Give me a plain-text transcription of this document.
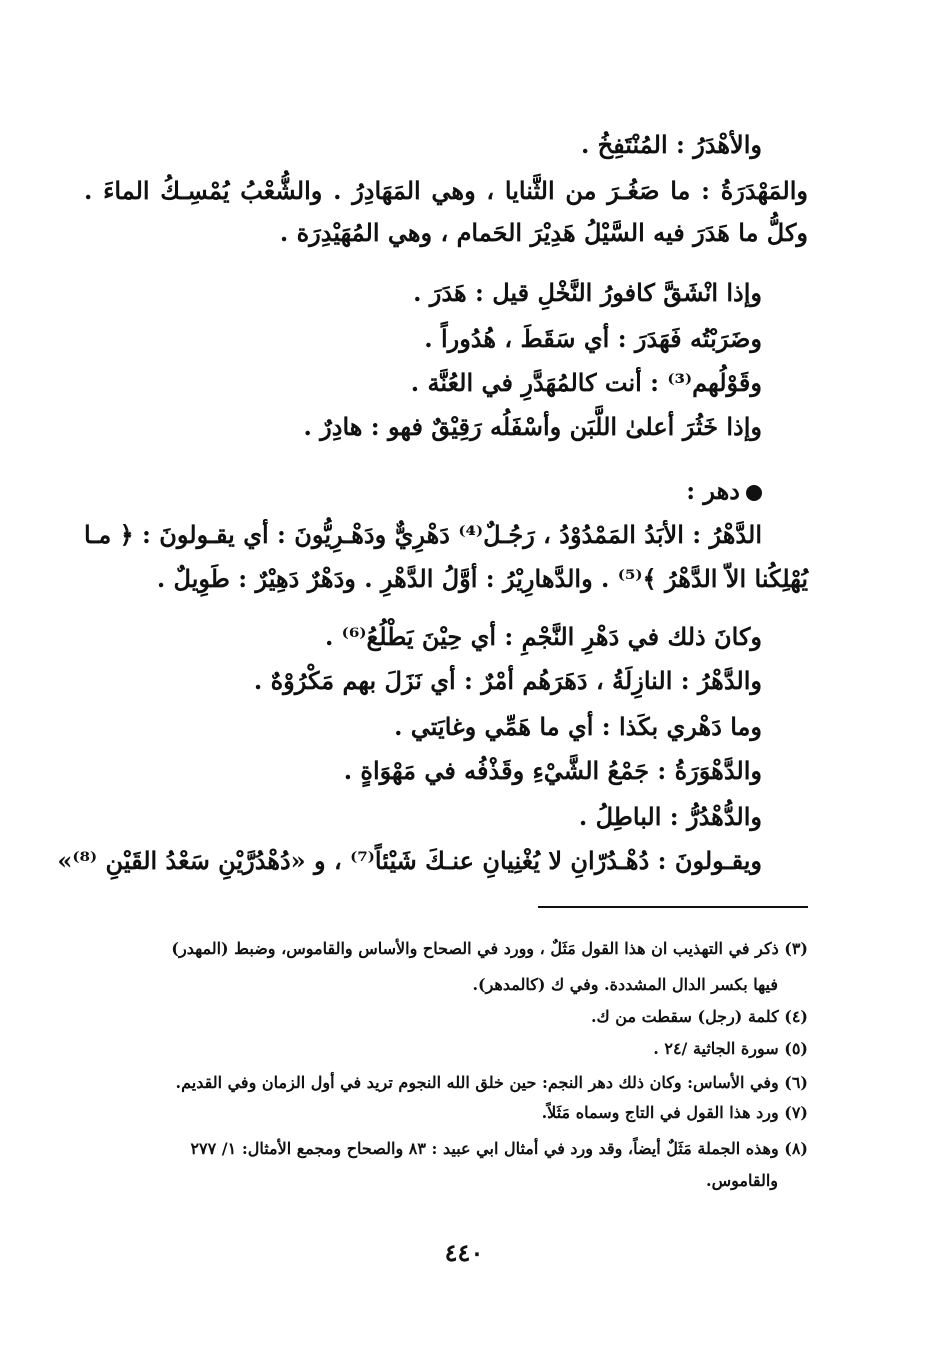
والأهْدَرُ : المُنْتَفِخُ .
والمَهْدَرَةُ : ما صَغُـرَ من الثَّنايا ، وهي المَهَادِرُ . والشُّعْبُ يُمْسِـكُ الماءَ .
وكلُّ ما هَدَرَ فيه السَّيْلُ هَدِيْرَ الحَمام ، وهي المُهَيْدِرَة .
وإذا انْشَقَّ كافورُ النَّخْلِ قيل : هَدَرَ .
وضَرَبْتُه فَهَدَرَ : أي سَقَطَ ، هُدُوراً .
وقَوْلُهم⁽³⁾ : أنت كالمُهَدَّرِ في العُنَّة .
وإذا خَثُرَ أعلىٰ اللَّبَن وأسْفَلُه رَقِيْقٌ فهو : هادِرٌ .
دهر :
الدَّهْرُ : الأبَدُ المَمْدُوْدُ ، رَجُـلٌ⁽⁴⁾ دَهْرِيٌّ ودَهْـرِيُّونَ : أي يقـولونَ : ﴿ مـا
يُهْلِكُنا الاّ الدَّهْرُ ﴾⁽⁵⁾ . والدَّهارِيْرُ : أوَّلُ الدَّهْرِ . ودَهْرٌ دَهِيْرٌ : طَوِيلٌ .
وكانَ ذلك في دَهْرِ النَّجْمِ : أي حِيْنَ يَطْلُعُ⁽⁶⁾ .
والدَّهْرُ : النازِلَةُ ، دَهَرَهُم أمْرٌ : أي نَزَلَ بهم مَكْرُوْهٌ .
وما دَهْري بكَذا : أي ما هَمِّي وغايَتي .
والدَّهْوَرَةُ : جَمْعُ الشَّيْءِ وقَذْفُه في مَهْوَاةٍ .
والدُّهْدُرُّ : الباطِلُ .
ويقـولونَ : دُهْـدُرّانِ لا يُغْنِيانِ عنـكَ شَيْئاً⁽⁷⁾ ، و «دُهْدُرَّيْنِ سَعْدُ القَيْنِ ⁽⁸⁾»
(٣) ذكر في التهذيب ان هذا القول مَثَلٌ ، وورد في الصحاح والأساس والقاموس، وضبط (المهدر)
فيها بكسر الدال المشددة. وفي ك (كالمدهر).
(٤) كلمة (رجل) سقطت من ك.
(٥) سورة الجاثية /٢٤ .
(٦) وفي الأساس: وكان ذلك دهر النجم: حين خلق الله النجوم تريد في أول الزمان وفي القديم.
(٧) ورد هذا القول في التاج وسماه مَثَلاً.
(٨) وهذه الجملة مَثَلٌ أيضاً، وقد ورد في أمثال ابي عبيد : ٨٣ والصحاح ومجمع الأمثال: ١/ ٢٧٧
والقاموس.
٤٤٠
